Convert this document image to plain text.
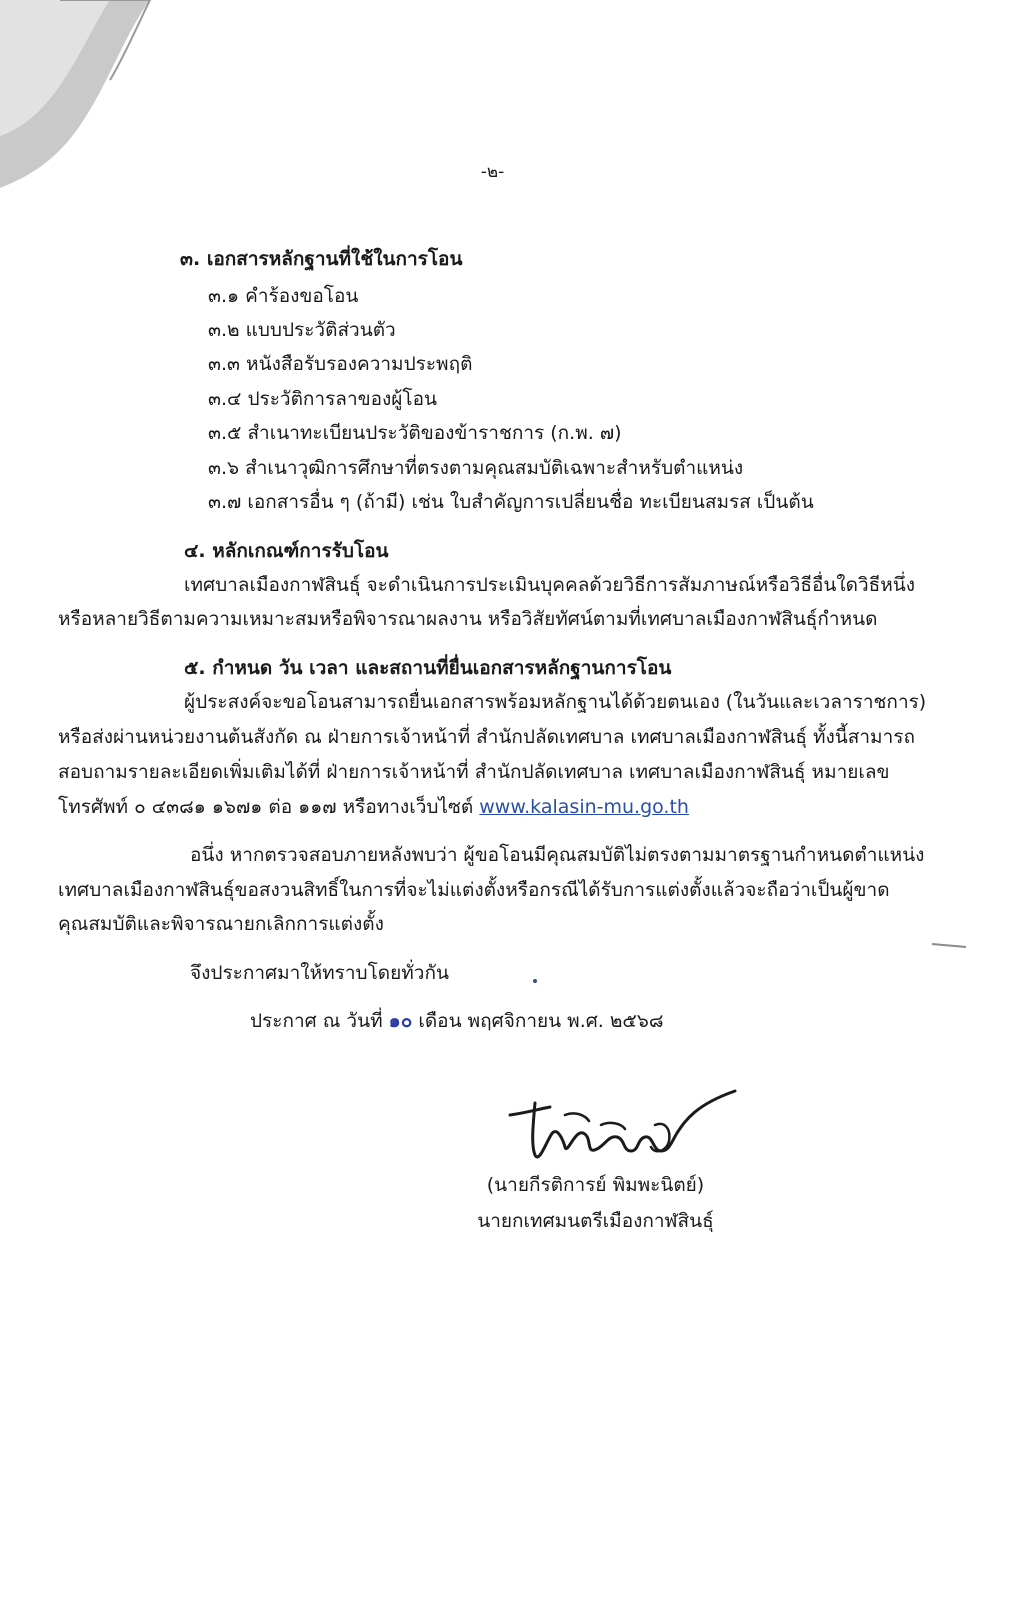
-๒-
๓. เอกสารหลักฐานที่ใช้ในการโอน
๓.๑ คำร้องขอโอน
๓.๒ แบบประวัติส่วนตัว
๓.๓ หนังสือรับรองความประพฤติ
๓.๔ ประวัติการลาของผู้โอน
๓.๕ สำเนาทะเบียนประวัติของข้าราชการ (ก.พ. ๗)
๓.๖ สำเนาวุฒิการศึกษาที่ตรงตามคุณสมบัติเฉพาะสำหรับตำแหน่ง
๓.๗ เอกสารอื่น ๆ (ถ้ามี) เช่น ใบสำคัญการเปลี่ยนชื่อ ทะเบียนสมรส เป็นต้น
๔. หลักเกณฑ์การรับโอน
เทศบาลเมืองกาฬสินธุ์ จะดำเนินการประเมินบุคคลด้วยวิธีการสัมภาษณ์หรือวิธีอื่นใดวิธีหนึ่ง
หรือหลายวิธีตามความเหมาะสมหรือพิจารณาผลงาน หรือวิสัยทัศน์ตามที่เทศบาลเมืองกาฬสินธุ์กำหนด
๕. กำหนด วัน เวลา และสถานที่ยื่นเอกสารหลักฐานการโอน
ผู้ประสงค์จะขอโอนสามารถยื่นเอกสารพร้อมหลักฐานได้ด้วยตนเอง (ในวันและเวลาราชการ)
หรือส่งผ่านหน่วยงานต้นสังกัด ณ ฝ่ายการเจ้าหน้าที่ สำนักปลัดเทศบาล เทศบาลเมืองกาฬสินธุ์ ทั้งนี้สามารถ
สอบถามรายละเอียดเพิ่มเติมได้ที่ ฝ่ายการเจ้าหน้าที่ สำนักปลัดเทศบาล เทศบาลเมืองกาฬสินธุ์ หมายเลข
โทรศัพท์ ๐ ๔๓๘๑ ๑๖๗๑ ต่อ ๑๑๗ หรือทางเว็บไซต์ www.kalasin-mu.go.th
อนึ่ง หากตรวจสอบภายหลังพบว่า ผู้ขอโอนมีคุณสมบัติไม่ตรงตามมาตรฐานกำหนดตำแหน่ง
เทศบาลเมืองกาฬสินธุ์ขอสงวนสิทธิ์ในการที่จะไม่แต่งตั้งหรือกรณีได้รับการแต่งตั้งแล้วจะถือว่าเป็นผู้ขาด
คุณสมบัติและพิจารณายกเลิกการแต่งตั้ง
จึงประกาศมาให้ทราบโดยทั่วกัน
ประกาศ ณ วันที่ ๑๐ เดือน พฤศจิกายน พ.ศ. ๒๕๖๘
(นายกีรติการย์ พิมพะนิตย์)
นายกเทศมนตรีเมืองกาฬสินธุ์
